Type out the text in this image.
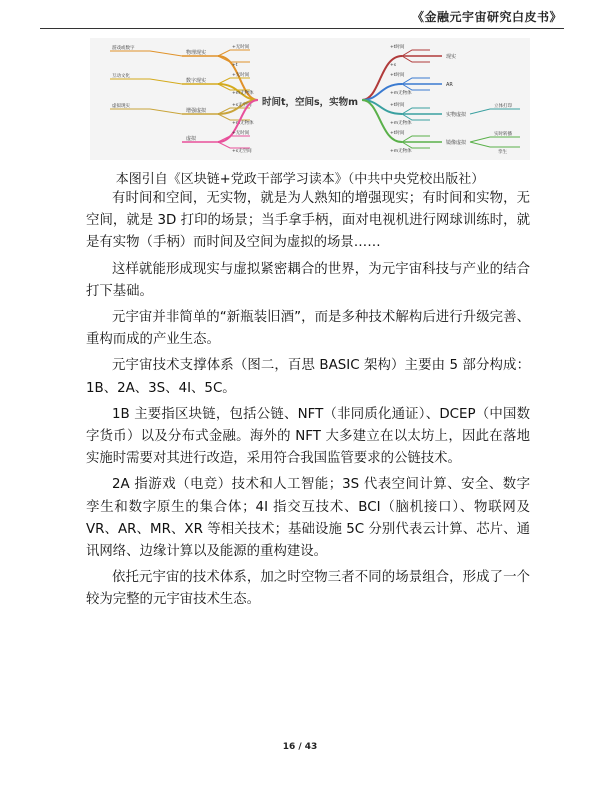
《金融元宇宙研究白皮书》
+无时间
+t
物理现实
游戏或数字
+无时间
+m无物体
数字现实
互动文化
+s无空间
+m无物体
增强虚拟
虚拟现实
+无时间
+s无空间
虚拟
+t时间
+s
现实
+t时间
+m无物体
AR
+t时间
+m无物体
实物虚拟
立体打印
+t时间
+m无物体
镜像虚拟
实时转播
孪生
时间t，空间s，实物m
本图引自《区块链+党政干部学习读本》（中共中央党校出版社）

有时间和空间，无实物，就是为人熟知的增强现实；有时间和实物，无空间，就是 3D 打印的场景；当手拿手柄，面对电视机进行网球训练时，就是有实物（手柄）而时间及空间为虚拟的场景……

这样就能形成现实与虚拟紧密耦合的世界，为元宇宙科技与产业的结合打下基础。

元宇宙并非简单的“新瓶装旧酒”，而是多种技术解构后进行升级完善、重构而成的产业生态。

元宇宙技术支撑体系（图二，百思 BASIC 架构）主要由 5 部分构成：1B、2A、3S、4I、5C。

1B 主要指区块链，包括公链、NFT（非同质化通证）、DCEP（中国数字货币）以及分布式金融。海外的 NFT 大多建立在以太坊上，因此在落地实施时需要对其进行改造，采用符合我国监管要求的公链技术。

2A 指游戏（电竞）技术和人工智能；3S 代表空间计算、安全、数字孪生和数字原生的集合体；4I 指交互技术、BCI（脑机接口）、物联网及 VR、AR、MR、XR 等相关技术；基础设施 5C 分别代表云计算、芯片、通讯网络、边缘计算以及能源的重构建设。

依托元宇宙的技术体系，加之时空物三者不同的场景组合，形成了一个较为完整的元宇宙技术生态。

16 / 43
